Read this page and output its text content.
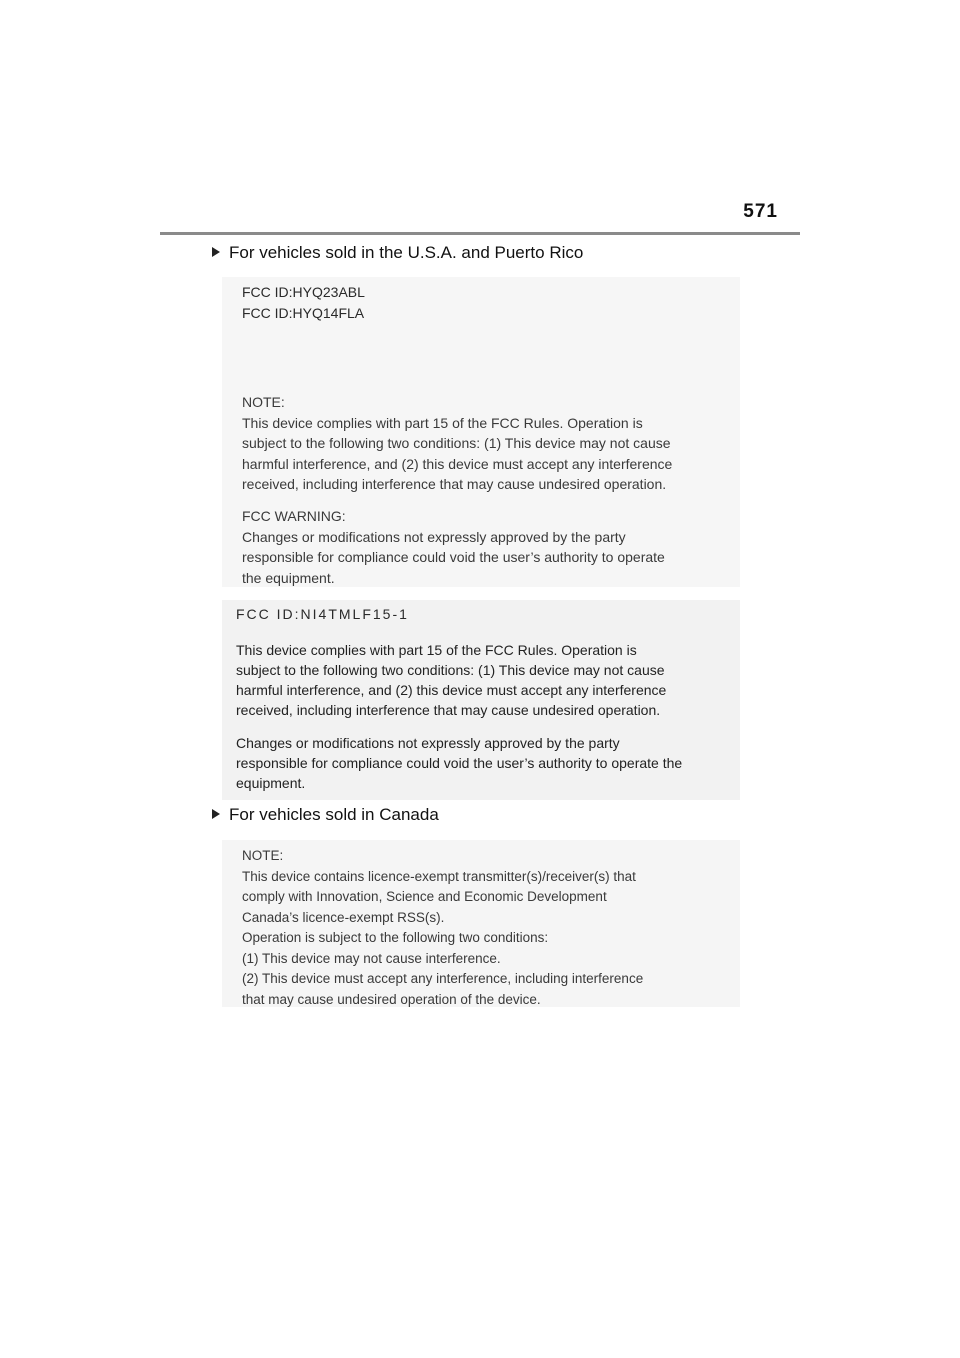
571
For vehicles sold in the U.S.A. and Puerto Rico
FCC ID:HYQ23ABL
FCC ID:HYQ14FLA
NOTE:
This device complies with part 15 of the FCC Rules. Operation is
subject to the following two conditions: (1) This device may not cause
harmful interference, and (2) this device must accept any interference
received, including interference that may cause undesired operation.
FCC WARNING:
Changes or modifications not expressly approved by the party
responsible for compliance could void the user’s authority to operate
the equipment.
FCC ID:NI4TMLF15-1
This device complies with part 15 of the FCC Rules. Operation is
subject to the following two conditions: (1) This device may not cause
harmful interference, and (2) this device must accept any interference
received, including interference that may cause undesired operation.
Changes or modifications not expressly approved by the party
responsible for compliance could void the user’s authority to operate the
equipment.
For vehicles sold in Canada
NOTE:
This device contains licence-exempt transmitter(s)/receiver(s) that
comply with Innovation, Science and Economic Development
Canada’s licence-exempt RSS(s).
Operation is subject to the following two conditions:
(1) This device may not cause interference.
(2) This device must accept any interference, including interference
that may cause undesired operation of the device.
